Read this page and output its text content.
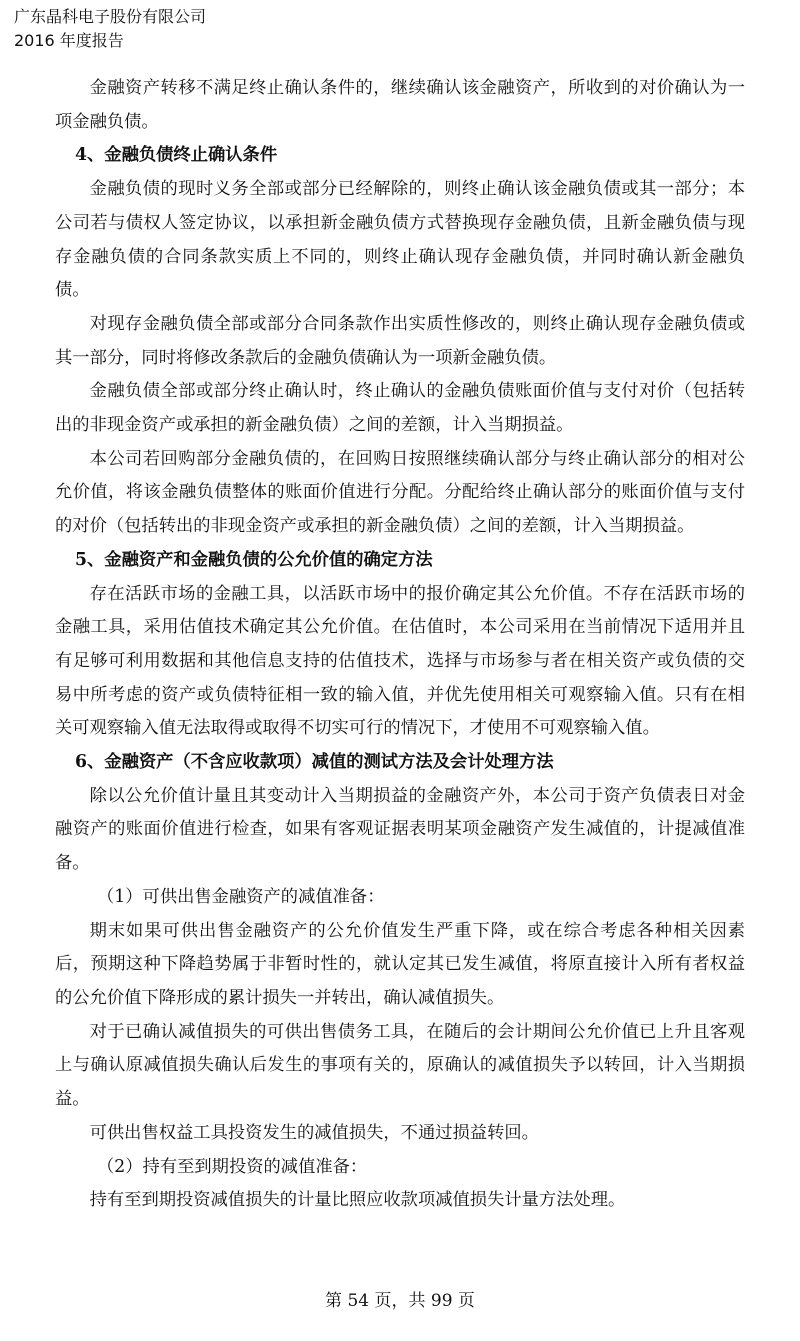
广东晶科电子股份有限公司
2016 年度报告

金融资产转移不满足终止确认条件的，继续确认该金融资产，所收到的对价确认为一项金融负债。

4、金融负债终止确认条件

金融负债的现时义务全部或部分已经解除的，则终止确认该金融负债或其一部分；本公司若与债权人签定协议，以承担新金融负债方式替换现存金融负债，且新金融负债与现存金融负债的合同条款实质上不同的，则终止确认现存金融负债，并同时确认新金融负债。

对现存金融负债全部或部分合同条款作出实质性修改的，则终止确认现存金融负债或其一部分，同时将修改条款后的金融负债确认为一项新金融负债。

金融负债全部或部分终止确认时，终止确认的金融负债账面价值与支付对价（包括转出的非现金资产或承担的新金融负债）之间的差额，计入当期损益。

本公司若回购部分金融负债的，在回购日按照继续确认部分与终止确认部分的相对公允价值，将该金融负债整体的账面价值进行分配。分配给终止确认部分的账面价值与支付的对价（包括转出的非现金资产或承担的新金融负债）之间的差额，计入当期损益。

5、金融资产和金融负债的公允价值的确定方法

存在活跃市场的金融工具，以活跃市场中的报价确定其公允价值。不存在活跃市场的金融工具，采用估值技术确定其公允价值。在估值时，本公司采用在当前情况下适用并且有足够可利用数据和其他信息支持的估值技术，选择与市场参与者在相关资产或负债的交易中所考虑的资产或负债特征相一致的输入值，并优先使用相关可观察输入值。只有在相关可观察输入值无法取得或取得不切实可行的情况下，才使用不可观察输入值。

6、金融资产（不含应收款项）减值的测试方法及会计处理方法

除以公允价值计量且其变动计入当期损益的金融资产外，本公司于资产负债表日对金融资产的账面价值进行检查，如果有客观证据表明某项金融资产发生减值的，计提减值准备。

（1）可供出售金融资产的减值准备：

期末如果可供出售金融资产的公允价值发生严重下降，或在综合考虑各种相关因素后，预期这种下降趋势属于非暂时性的，就认定其已发生减值，将原直接计入所有者权益的公允价值下降形成的累计损失一并转出，确认减值损失。

对于已确认减值损失的可供出售债务工具，在随后的会计期间公允价值已上升且客观上与确认原减值损失确认后发生的事项有关的，原确认的减值损失予以转回，计入当期损益。

可供出售权益工具投资发生的减值损失，不通过损益转回。

（2）持有至到期投资的减值准备：

持有至到期投资减值损失的计量比照应收款项减值损失计量方法处理。

第 54 页，共 99 页
